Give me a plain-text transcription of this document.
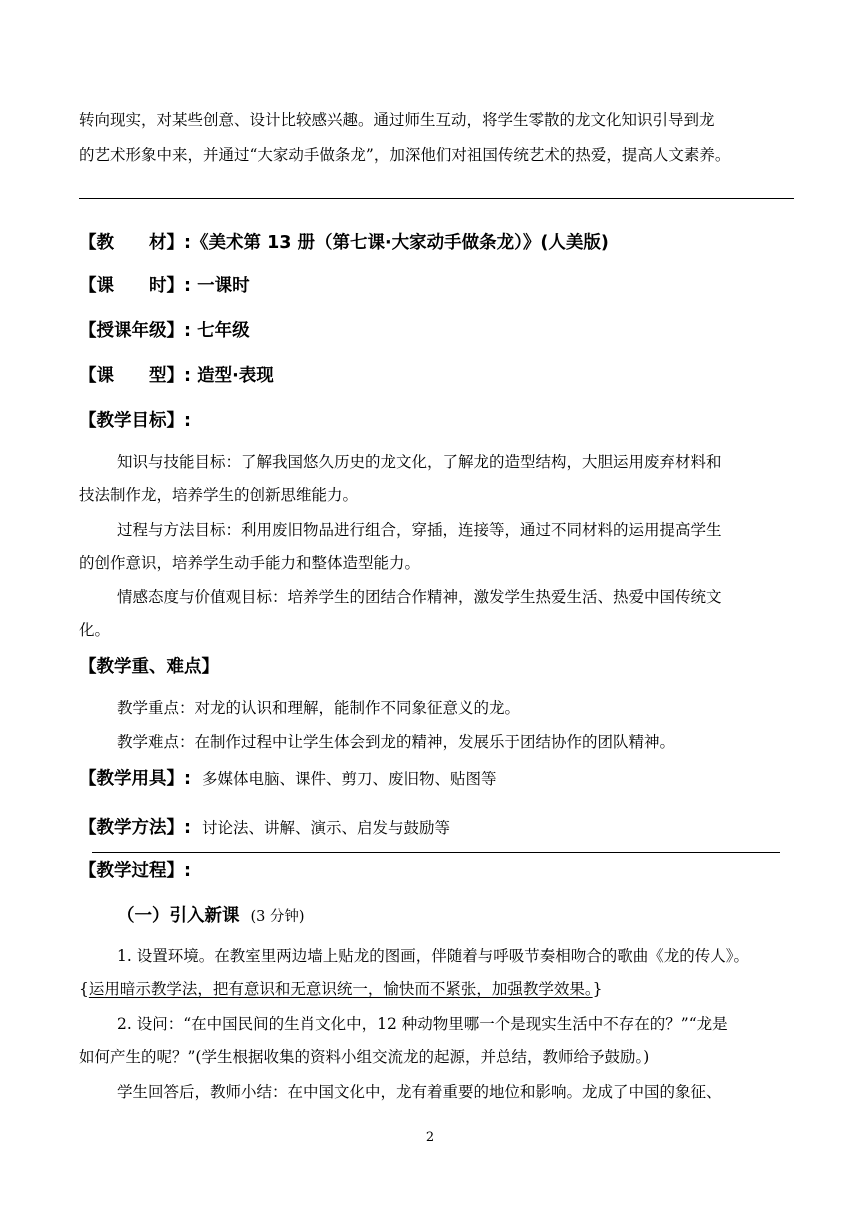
转向现实，对某些创意、设计比较感兴趣。通过师生互动，将学生零散的龙文化知识引导到龙
的艺术形象中来，并通过“大家动手做条龙”，加深他们对祖国传统艺术的热爱，提高人文素养。
【教　　材】:《美术第 13 册（第七课·大家动手做条龙）》(人美版)
【课　　时】: 一课时
【授课年级】: 七年级
【课　　型】: 造型·表现
【教学目标】:
知识与技能目标：了解我国悠久历史的龙文化，了解龙的造型结构，大胆运用废弃材料和
技法制作龙，培养学生的创新思维能力。
过程与方法目标：利用废旧物品进行组合，穿插，连接等，通过不同材料的运用提高学生
的创作意识，培养学生动手能力和整体造型能力。
情感态度与价值观目标：培养学生的团结合作精神，激发学生热爱生活、热爱中国传统文
化。
【教学重、难点】
教学重点：对龙的认识和理解，能制作不同象征意义的龙。
教学难点：在制作过程中让学生体会到龙的精神，发展乐于团结协作的团队精神。
【教学用具】: 多媒体电脑、课件、剪刀、废旧物、贴图等
【教学方法】: 讨论法、讲解、演示、启发与鼓励等
【教学过程】:
（一）引入新课 (3 分钟)
1. 设置环境。在教室里两边墙上贴龙的图画，伴随着与呼吸节奏相吻合的歌曲《龙的传人》。
{运用暗示教学法，把有意识和无意识统一，愉快而不紧张，加强教学效果。}
2. 设问：“在中国民间的生肖文化中，12 种动物里哪一个是现实生活中不存在的？”“龙是
如何产生的呢？”(学生根据收集的资料小组交流龙的起源，并总结，教师给予鼓励。)
学生回答后，教师小结：在中国文化中，龙有着重要的地位和影响。龙成了中国的象征、
2
